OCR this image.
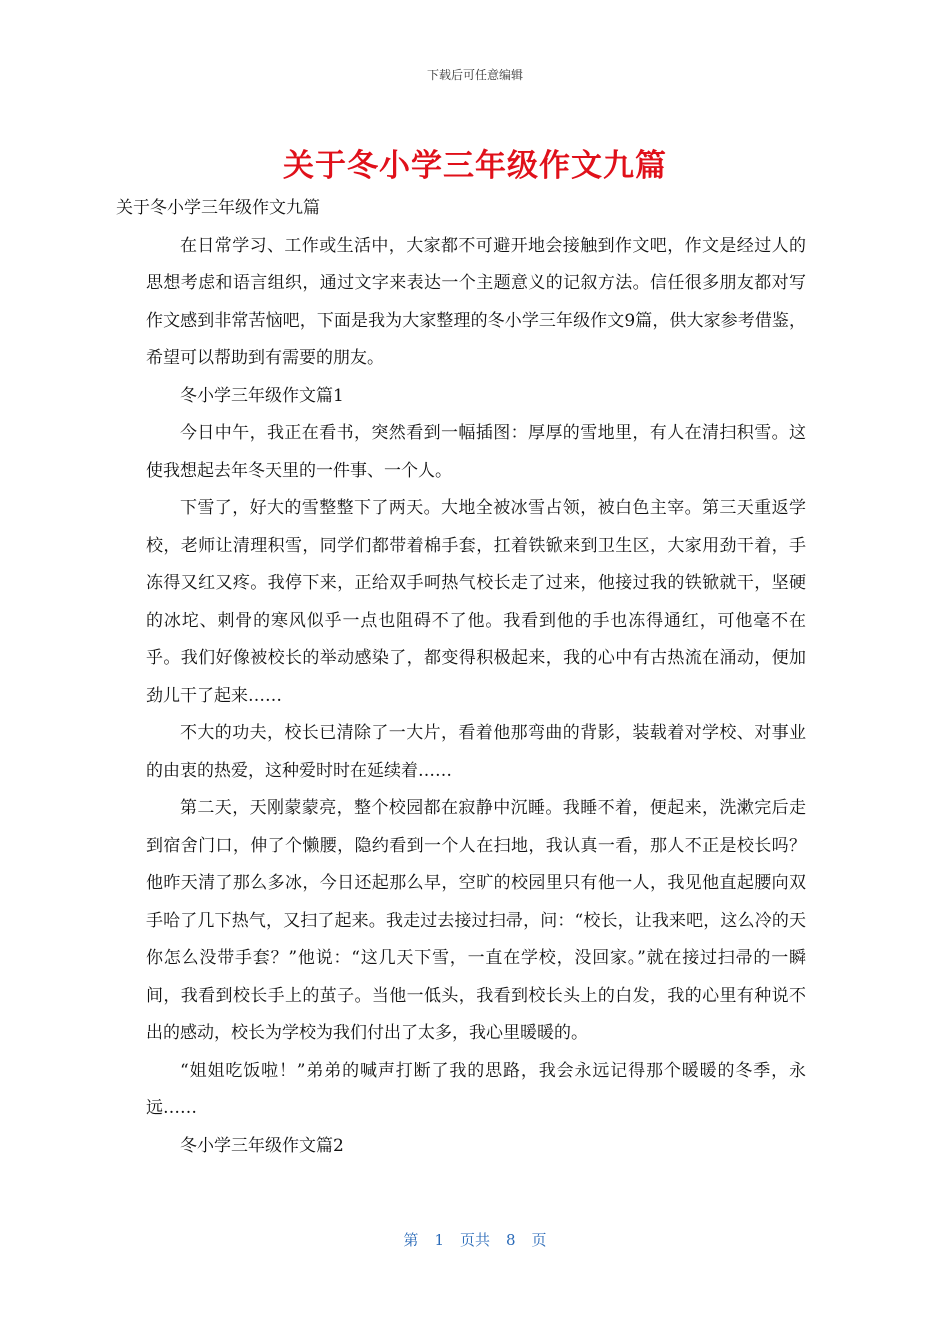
下载后可任意编辑
关于冬小学三年级作文九篇

关于冬小学三年级作文九篇

在日常学习、工作或生活中，大家都不可避开地会接触到作文吧，作文是经过人的思想考虑和语言组织，通过文字来表达一个主题意义的记叙方法。信任很多朋友都对写作文感到非常苦恼吧，下面是我为大家整理的冬小学三年级作文9篇，供大家参考借鉴，希望可以帮助到有需要的朋友。

冬小学三年级作文篇1

今日中午，我正在看书，突然看到一幅插图：厚厚的雪地里，有人在清扫积雪。这使我想起去年冬天里的一件事、一个人。

下雪了，好大的雪整整下了两天。大地全被冰雪占领，被白色主宰。第三天重返学校，老师让清理积雪，同学们都带着棉手套，扛着铁锨来到卫生区，大家用劲干着，手冻得又红又疼。我停下来，正给双手呵热气校长走了过来，他接过我的铁锨就干，坚硬的冰坨、刺骨的寒风似乎一点也阻碍不了他。我看到他的手也冻得通红，可他毫不在乎。我们好像被校长的举动感染了，都变得积极起来，我的心中有古热流在涌动，便加劲儿干了起来……

不大的功夫，校长已清除了一大片，看着他那弯曲的背影，装载着对学校、对事业的由衷的热爱，这种爱时时在延续着……

第二天，天刚蒙蒙亮，整个校园都在寂静中沉睡。我睡不着，便起来，洗漱完后走到宿舍门口，伸了个懒腰，隐约看到一个人在扫地，我认真一看，那人不正是校长吗？他昨天清了那么多冰，今日还起那么早，空旷的校园里只有他一人，我见他直起腰向双手哈了几下热气，又扫了起来。我走过去接过扫帚，问：“校长，让我来吧，这么冷的天你怎么没带手套？”他说：“这几天下雪，一直在学校，没回家。”就在接过扫帚的一瞬间，我看到校长手上的茧子。当他一低头，我看到校长头上的白发，我的心里有种说不出的感动，校长为学校为我们付出了太多，我心里暖暖的。

“姐姐吃饭啦！”弟弟的喊声打断了我的思路，我会永远记得那个暖暖的冬季，永远……

冬小学三年级作文篇2

第 1 页共 8 页
